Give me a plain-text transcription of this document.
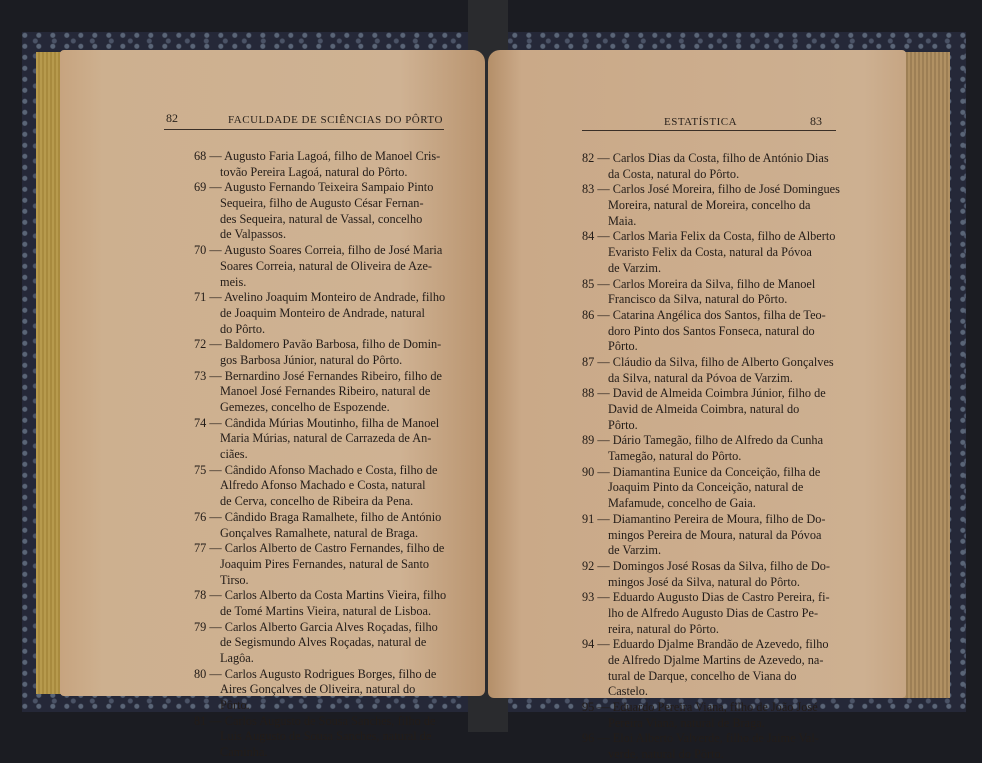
82	FACULDADE DE SCIÊNCIAS DO PÔRTO
68 — Augusto Faria Lagoá, filho de Manoel Cris-
tovão Pereira Lagoá, natural do Pôrto.
69 — Augusto Fernando Teixeira Sampaio Pinto
Sequeira, filho de Augusto César Fernan-
des Sequeira, natural de Vassal, concelho
de Valpassos.
70 — Augusto Soares Correia, filho de José Maria
Soares Correia, natural de Oliveira de Aze-
meis.
71 — Avelino Joaquim Monteiro de Andrade, filho
de Joaquim Monteiro de Andrade, natural
do Pôrto.
72 — Baldomero Pavão Barbosa, filho de Domin-
gos Barbosa Júnior, natural do Pôrto.
73 — Bernardino José Fernandes Ribeiro, filho de
Manoel José Fernandes Ribeiro, natural de
Gemezes, concelho de Espozende.
74 — Cândida Múrias Moutinho, filha de Manoel
Maria Múrias, natural de Carrazeda de An-
ciães.
75 — Cândido Afonso Machado e Costa, filho de
Alfredo Afonso Machado e Costa, natural
de Cerva, concelho de Ribeira da Pena.
76 — Cândido Braga Ramalhete, filho de António
Gonçalves Ramalhete, natural de Braga.
77 — Carlos Alberto de Castro Fernandes, filho de
Joaquim Pires Fernandes, natural de Santo
Tirso.
78 — Carlos Alberto da Costa Martins Vieira, filho
de Tomé Martins Vieira, natural de Lisboa.
79 — Carlos Alberto Garcia Alves Roçadas, filho
de Segismundo Alves Roçadas, natural de
Lagôa.
80 — Carlos Augusto Rodrigues Borges, filho de
Aires Gonçalves de Oliveira, natural do
Pôrto.
81 — Carlos Augusto de Sousa Sanches, filho de
Luis Augusto de Sousa Sanches, natural de
Caminha.
ESTATÍSTICA	83
82 — Carlos Dias da Costa, filho de António Dias
da Costa, natural do Pôrto.
83 — Carlos José Moreira, filho de José Domingues
Moreira, natural de Moreira, concelho da
Maia.
84 — Carlos Maria Felix da Costa, filho de Alberto
Evaristo Felix da Costa, natural da Póvoa
de Varzim.
85 — Carlos Moreira da Silva, filho de Manoel
Francisco da Silva, natural do Pôrto.
86 — Catarina Angélica dos Santos, filha de Teo-
doro Pinto dos Santos Fonseca, natural do
Pôrto.
87 — Cláudio da Silva, filho de Alberto Gonçalves
da Silva, natural da Póvoa de Varzim.
88 — David de Almeida Coimbra Júnior, filho de
David de Almeida Coimbra, natural do
Pôrto.
89 — Dário Tamegão, filho de Alfredo da Cunha
Tamegão, natural do Pôrto.
90 — Diamantina Eunice da Conceição, filha de
Joaquim Pinto da Conceição, natural de
Mafamude, concelho de Gaia.
91 — Diamantino Pereira de Moura, filho de Do-
mingos Pereira de Moura, natural da Póvoa
de Varzim.
92 — Domingos José Rosas da Silva, filho de Do-
mingos José da Silva, natural do Pôrto.
93 — Eduardo Augusto Dias de Castro Pereira, fi-
lho de Alfredo Augusto Dias de Castro Pe-
reira, natural do Pôrto.
94 — Eduardo Djalme Brandão de Azevedo, filho
de Alfredo Djalme Martins de Azevedo, na-
tural de Darque, concelho de Viana do
Castelo.
95 — Eduardo Pereira Viana, filho de João José
Pereira Viana, natural de Braga.
96 — Eloi Alberto Valverde, filho de Jaime Val-
verde, natural do Pôrto.
